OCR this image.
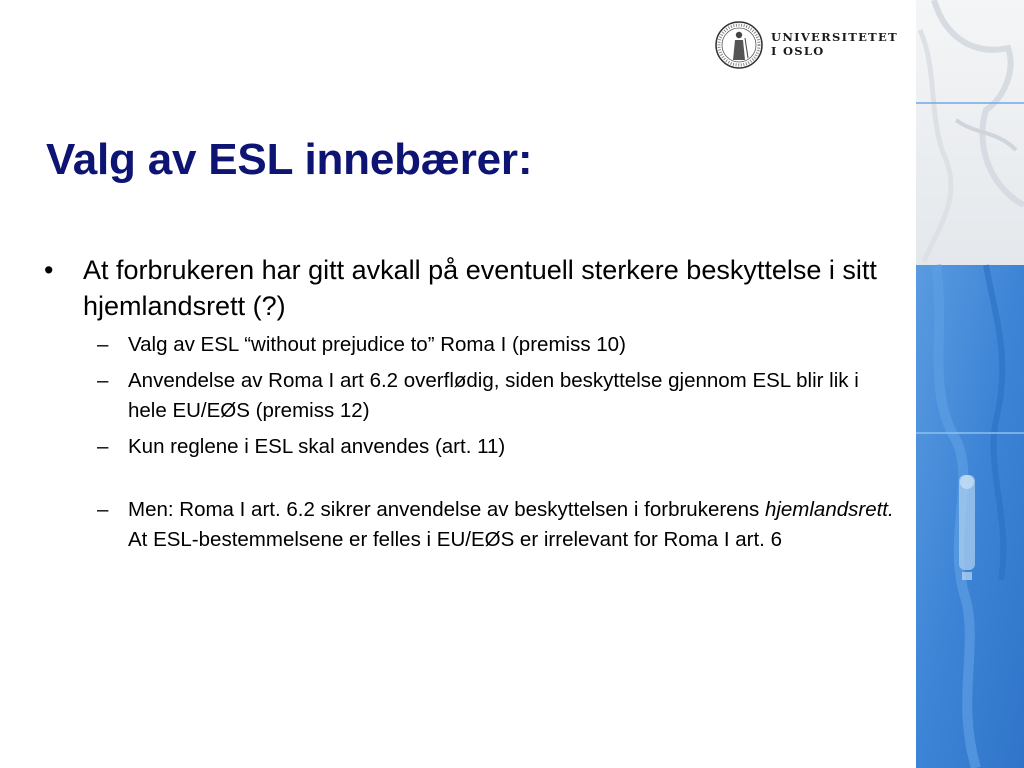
UNIVERSITETET
I OSLO
Valg av ESL innebærer:
• At forbrukeren har gitt avkall på eventuell sterkere beskyttelse i sitt hjemlandsrett (?)
– Valg av ESL “without prejudice to” Roma I (premiss 10)
– Anvendelse av Roma I art 6.2 overflødig, siden beskyttelse gjennom ESL blir lik i hele EU/EØS (premiss 12)
– Kun reglene i ESL skal anvendes (art. 11)
– Men: Roma I art. 6.2 sikrer anvendelse av beskyttelsen i forbrukerens hjemlandsrett. At ESL-bestemmelsene er felles i EU/EØS er irrelevant for Roma I art. 6
